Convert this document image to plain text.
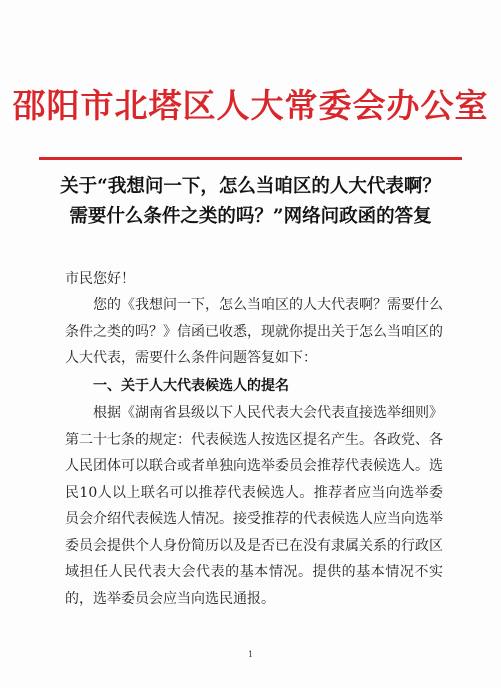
邵阳市北塔区人大常委会办公室
关于“我想问一下，怎么当咱区的人大代表啊？
需要什么条件之类的吗？”网络问政函的答复
市民您好！
您的《我想问一下，怎么当咱区的人大代表啊？需要什么条件之类的吗？》信函已收悉，现就你提出关于怎么当咱区的人大代表，需要什么条件问题答复如下：
一、关于人大代表候选人的提名
根据《湖南省县级以下人民代表大会代表直接选举细则》第二十七条的规定：代表候选人按选区提名产生。各政党、各人民团体可以联合或者单独向选举委员会推荐代表候选人。选民10人以上联名可以推荐代表候选人。推荐者应当向选举委员会介绍代表候选人情况。接受推荐的代表候选人应当向选举委员会提供个人身份简历以及是否已在没有隶属关系的行政区域担任人民代表大会代表的基本情况。提供的基本情况不实的，选举委员会应当向选民通报。
1
